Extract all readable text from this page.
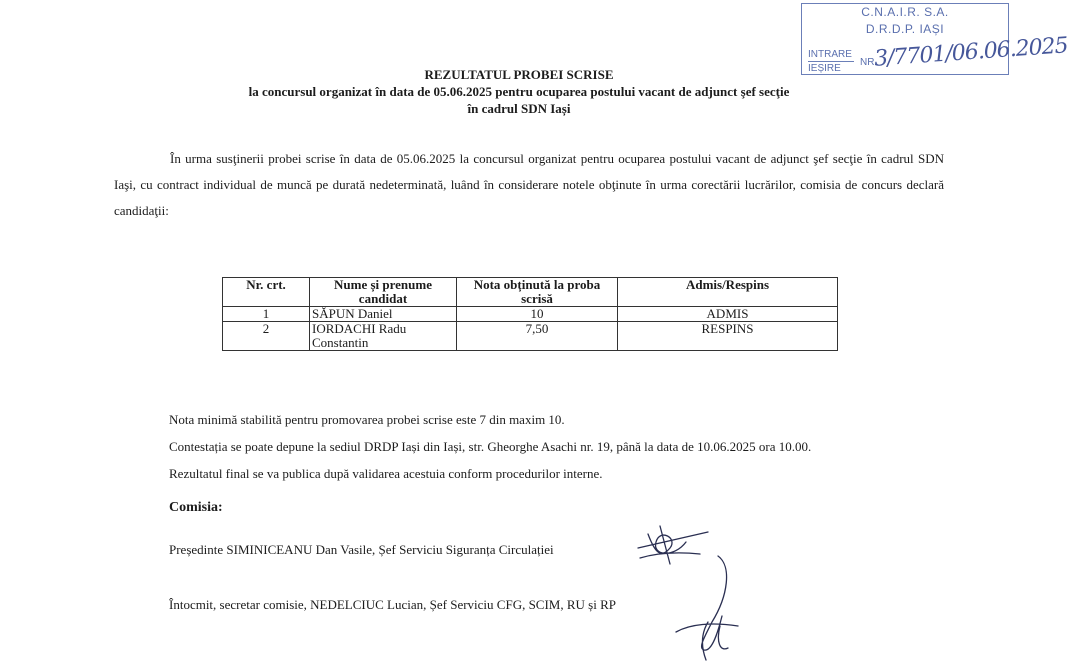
C.N.A.I.R. S.A.
D.R.D.P. IAȘI
INTRARE
IEȘIRE
NR.
3/7701/06.06.2025
REZULTATUL PROBEI SCRISE
la concursul organizat în data de 05.06.2025 pentru ocuparea postului vacant de adjunct şef secţie
în cadrul SDN Iași
În urma susţinerii probei scrise în data de 05.06.2025 la concursul organizat pentru ocuparea postului vacant de adjunct şef secţie în cadrul SDN Iaşi, cu contract individual de muncă pe durată nedeterminată, luând în considerare notele obţinute în urma corectării lucrărilor, comisia de concurs declară candidaţii:
Nr. crt.	Nume și prenume candidat	Nota obținută la proba scrisă	Admis/Respins
1	SĂPUN Daniel	10	ADMIS
2	IORDACHI Radu Constantin	7,50	RESPINS
Nota minimă stabilită pentru promovarea probei scrise este 7 din maxim 10.
Contestația se poate depune la sediul DRDP Iași din Iași, str. Gheorghe Asachi nr. 19, până la data de 10.06.2025 ora 10.00.
Rezultatul final se va publica după validarea acestuia conform procedurilor interne.
Comisia:
Președinte SIMINICEANU Dan Vasile, Șef Serviciu Siguranța Circulației
Întocmit, secretar comisie, NEDELCIUC Lucian, Șef Serviciu CFG, SCIM, RU și RP
